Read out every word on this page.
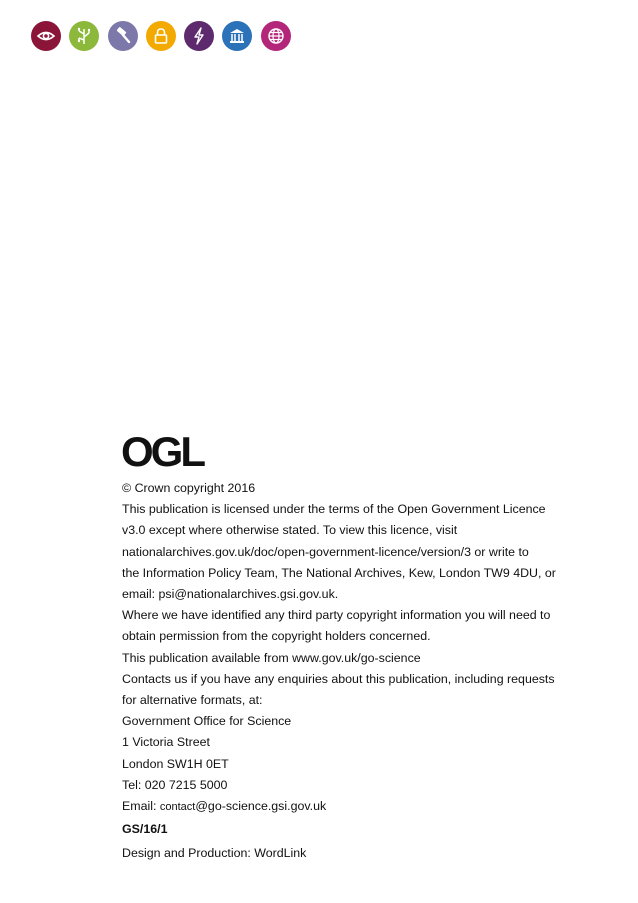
OGL

© Crown copyright 2016

This publication is licensed under the terms of the Open Government Licence

v3.0 except where otherwise stated. To view this licence, visit

nationalarchives.gov.uk/doc/open-government-licence/version/3 or write to

the Information Policy Team, The National Archives, Kew, London TW9 4DU, or

email: psi@nationalarchives.gsi.gov.uk.

Where we have identified any third party copyright information you will need to

obtain permission from the copyright holders concerned.

This publication available from www.gov.uk/go-science

Contacts us if you have any enquiries about this publication, including requests

for alternative formats, at:

Government Office for Science

1 Victoria Street

London SW1H 0ET

Tel: 020 7215 5000

Email: contact@go-science.gsi.gov.uk

GS/16/1
Design and Production: WordLink
